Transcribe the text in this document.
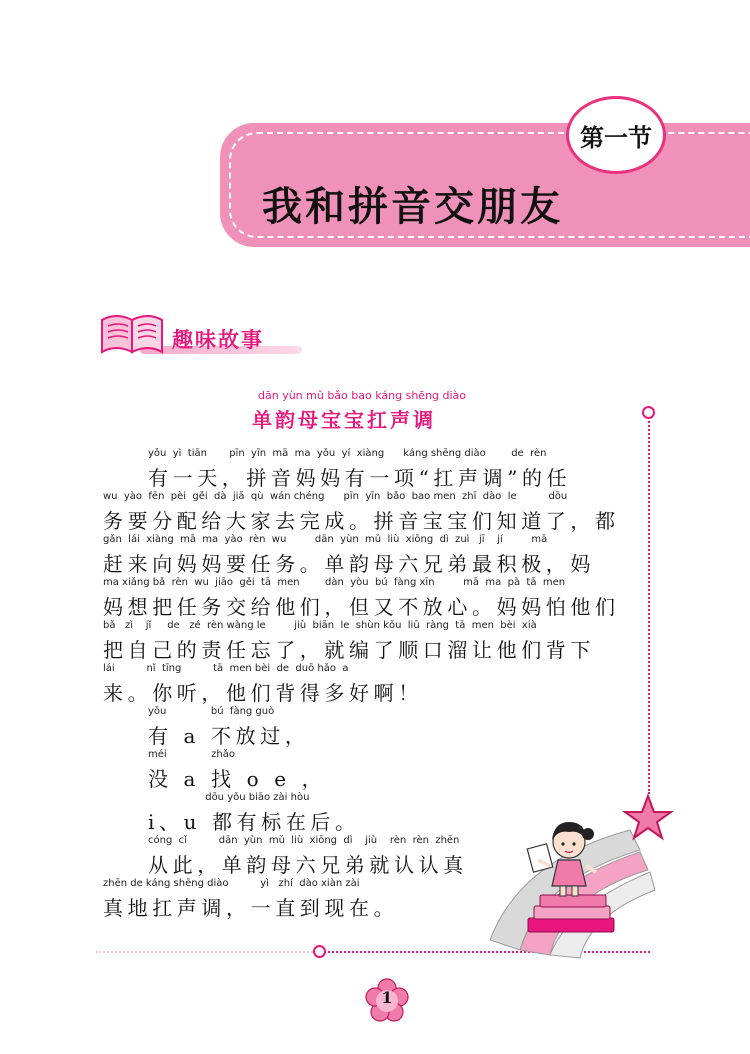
我和拼音交朋友
第一节
趣味故事
dān yùn mǔ bǎo bao káng shēng diào
单韵母宝宝扛声调
yǒu  yì  tiān       pīn  yīn  mā  ma  yǒu  yí  xiàng      káng shēng diào        de  rèn
有一天，拼音妈妈有一项“扛声调”的任
wu  yào  fēn  pèi  gěi  dà  jiā  qù  wán chéng      pīn  yīn  bǎo  bao men  zhī  dào  le          dōu
务要分配给大家去完成。拼音宝宝们知道了，都
gǎn  lái  xiàng  mā  ma  yào  rèn  wu         dān  yùn  mǔ  liù  xiōng  dì  zuì   jī    jí         mā
赶来向妈妈要任务。单韵母六兄弟最积极，妈
ma xiǎng bǎ  rèn  wu  jiāo  gěi  tā  men        dàn  yòu  bú  fàng xīn         mā  ma  pà  tā  men
妈想把任务交给他们，但又不放心。妈妈怕他们
bǎ   zì    jǐ     de   zé  rèn wàng le         jiù  biān  le  shùn kǒu  liū  ràng  tā  men  bèi  xià
把自己的责任忘了，就编了顺口溜让他们背下
lái          nǐ  tīng          tā  men bèi  de  duō hǎo  a
来。你听，他们背得多好啊！
yǒu              bú  fàng guò
有 a 不放过，
méi              zhǎo
没 a 找 o e ，
dōu yǒu biāo zài hòu
i、u 都有标在后。
cóng  cǐ          dān  yùn  mǔ  liù  xiōng  dì    jiù    rèn  rèn  zhēn
从此，单韵母六兄弟就认认真
zhēn de káng shēng diào          yì   zhí  dào xiàn zài
真地扛声调，一直到现在。
1
